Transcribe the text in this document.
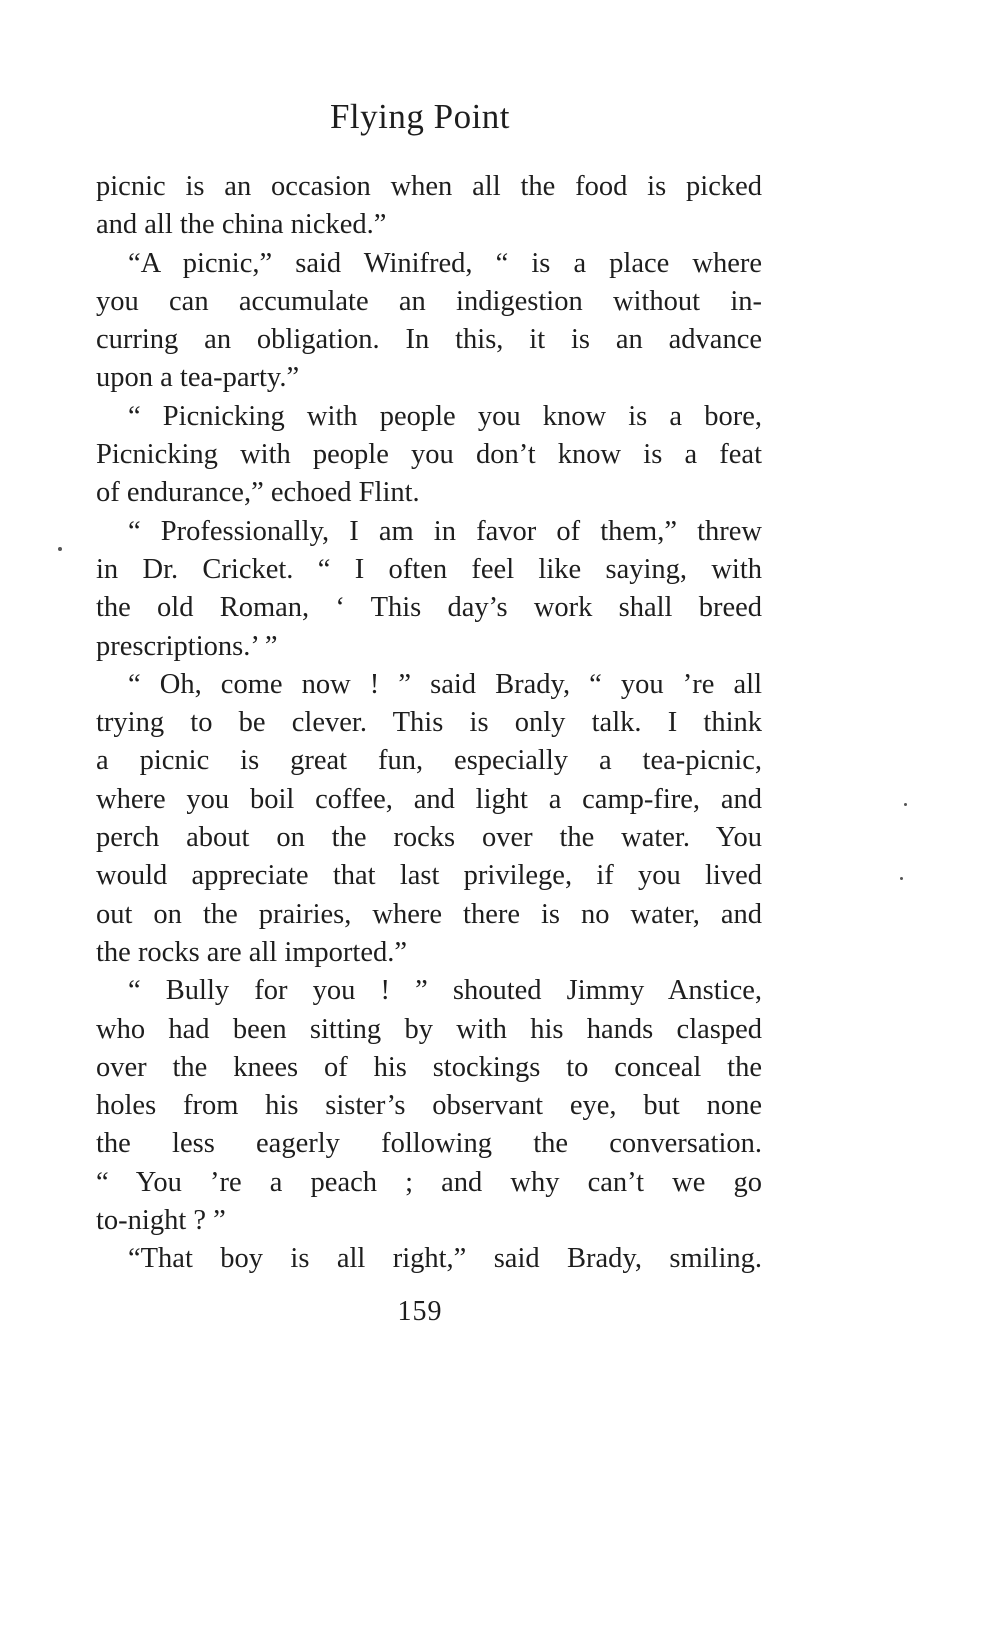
Flying Point
picnic is an occasion when all the food is picked
and all the china nicked.”
“A picnic,” said Winifred, “ is a place where
you can accumulate an indigestion without in-
curring an obligation. In this, it is an advance
upon a tea-party.”
“ Picnicking with people you know is a bore,
Picnicking with people you don’t know is a feat
of endurance,” echoed Flint.
“ Professionally, I am in favor of them,” threw
in Dr. Cricket. “ I often feel like saying, with
the old Roman, ‘ This day’s work shall breed
prescriptions.’ ”
“ Oh, come now ! ” said Brady, “ you ’re all
trying to be clever. This is only talk. I think
a picnic is great fun, especially a tea-picnic,
where you boil coffee, and light a camp-fire, and
perch about on the rocks over the water. You
would appreciate that last privilege, if you lived
out on the prairies, where there is no water, and
the rocks are all imported.”
“ Bully for you ! ” shouted Jimmy Anstice,
who had been sitting by with his hands clasped
over the knees of his stockings to conceal the
holes from his sister’s observant eye, but none
the less eagerly following the conversation.
“ You ’re a peach ; and why can’t we go
to-night ? ”
“That boy is all right,” said Brady, smiling.
159
